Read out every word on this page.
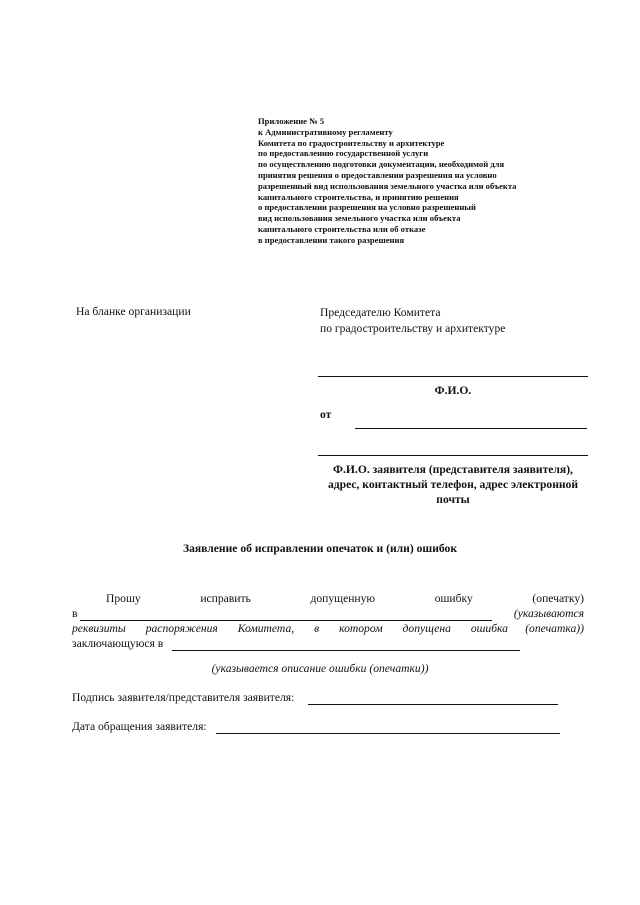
Приложение № 5
к Административному регламенту
Комитета по градостроительству и архитектуре
по предоставлению государственной услуги
по осуществлению подготовки документации, необходимой для
принятия решения о предоставлении разрешения на условно
разрешенный вид использования земельного участка или объекта
капитального строительства, и принятию решения
о предоставлении разрешения на условно разрешенный
вид использования земельного участка или объекта
капитального строительства или об отказе
в предоставлении такого разрешения
На бланке организации	Председателю Комитета
по градостроительству и архитектуре
Ф.И.О.
от
Ф.И.О. заявителя (представителя заявителя),
адрес, контактный телефон, адрес электронной
почты
Заявление об исправлении опечаток и (или) ошибок
Прошу	исправить	допущенную	ошибку	(опечатку)
в	(указываются
реквизиты распоряжения Комитета, в котором допущена ошибка	(опечатка))
заключающуюся в
(указывается описание ошибки (опечатки))
Подпись заявителя/представителя заявителя:
Дата обращения заявителя:
